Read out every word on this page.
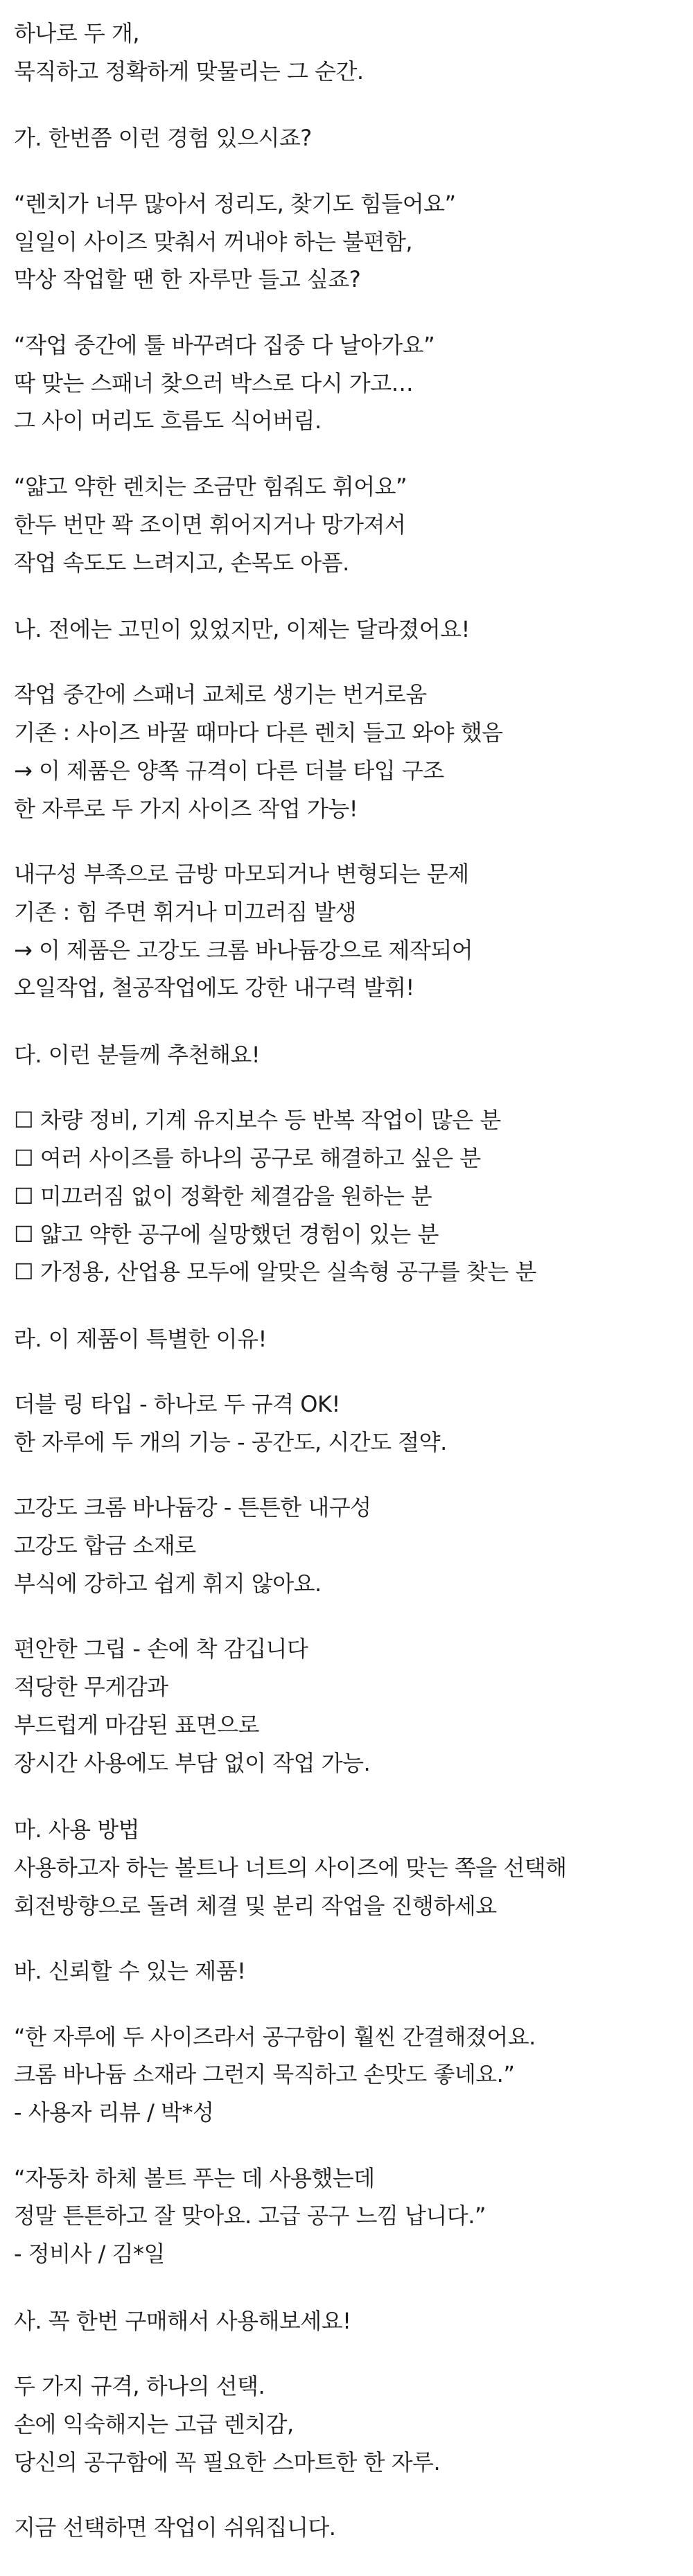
하나로 두 개,

묵직하고 정확하게 맞물리는 그 순간.

가. 한번쯤 이런 경험 있으시죠?

“렌치가 너무 많아서 정리도, 찾기도 힘들어요”

일일이 사이즈 맞춰서 꺼내야 하는 불편함,

막상 작업할 땐 한 자루만 들고 싶죠?

“작업 중간에 툴 바꾸려다 집중 다 날아가요”

딱 맞는 스패너 찾으러 박스로 다시 가고…

그 사이 머리도 흐름도 식어버림.

“얇고 약한 렌치는 조금만 힘줘도 휘어요”

한두 번만 꽉 조이면 휘어지거나 망가져서

작업 속도도 느려지고, 손목도 아픔.

나. 전에는 고민이 있었지만, 이제는 달라졌어요!

작업 중간에 스패너 교체로 생기는 번거로움

기존 : 사이즈 바꿀 때마다 다른 렌치 들고 와야 했음

→ 이 제품은 양쪽 규격이 다른 더블 타입 구조

한 자루로 두 가지 사이즈 작업 가능!

내구성 부족으로 금방 마모되거나 변형되는 문제

기존 : 힘 주면 휘거나 미끄러짐 발생

→ 이 제품은 고강도 크롬 바나듐강으로 제작되어

오일작업, 철공작업에도 강한 내구력 발휘!

다. 이런 분들께 추천해요!

☐ 차량 정비, 기계 유지보수 등 반복 작업이 많은 분

☐ 여러 사이즈를 하나의 공구로 해결하고 싶은 분

☐ 미끄러짐 없이 정확한 체결감을 원하는 분

☐ 얇고 약한 공구에 실망했던 경험이 있는 분

☐ 가정용, 산업용 모두에 알맞은 실속형 공구를 찾는 분

라. 이 제품이 특별한 이유!

더블 링 타입 - 하나로 두 규격 OK!

한 자루에 두 개의 기능 - 공간도, 시간도 절약.

고강도 크롬 바나듐강 - 튼튼한 내구성

고강도 합금 소재로

부식에 강하고 쉽게 휘지 않아요.

편안한 그립 - 손에 착 감깁니다

적당한 무게감과

부드럽게 마감된 표면으로

장시간 사용에도 부담 없이 작업 가능.

마. 사용 방법

사용하고자 하는 볼트나 너트의 사이즈에 맞는 쪽을 선택해

회전방향으로 돌려 체결 및 분리 작업을 진행하세요

바. 신뢰할 수 있는 제품!

“한 자루에 두 사이즈라서 공구함이 훨씬 간결해졌어요.

크롬 바나듐 소재라 그런지 묵직하고 손맛도 좋네요.”

- 사용자 리뷰 / 박*성

“자동차 하체 볼트 푸는 데 사용했는데

정말 튼튼하고 잘 맞아요. 고급 공구 느낌 납니다.”

- 정비사 / 김*일

사. 꼭 한번 구매해서 사용해보세요!

두 가지 규격, 하나의 선택.

손에 익숙해지는 고급 렌치감,

당신의 공구함에 꼭 필요한 스마트한 한 자루.

지금 선택하면 작업이 쉬워집니다.
